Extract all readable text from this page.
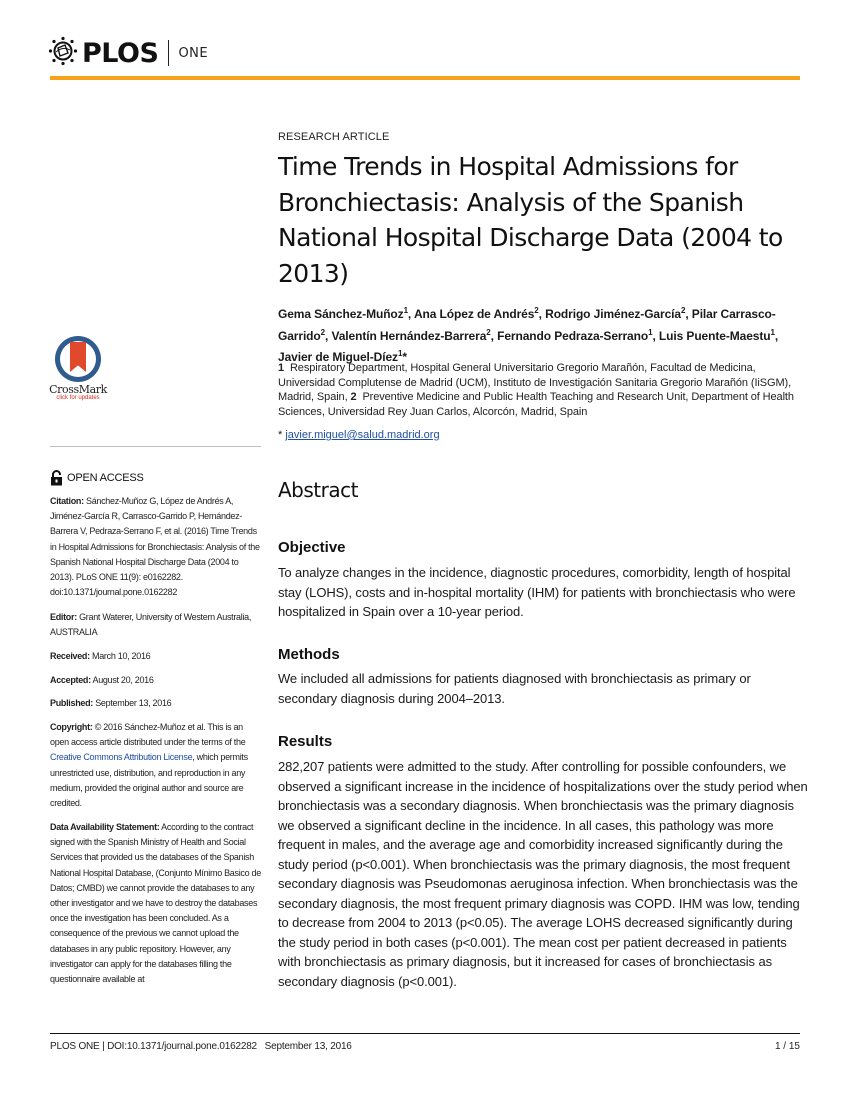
PLOS ONE
CrossMark
click for updates
OPEN ACCESS

Citation: Sánchez-Muñoz G, López de Andrés A, Jiménez-García R, Carrasco-Garrido P, Hernández-Barrera V, Pedraza-Serrano F, et al. (2016) Time Trends in Hospital Admissions for Bronchiectasis: Analysis of the Spanish National Hospital Discharge Data (2004 to 2013). PLoS ONE 11(9): e0162282. doi:10.1371/journal.pone.0162282

Editor: Grant Waterer, University of Western Australia, AUSTRALIA

Received: March 10, 2016

Accepted: August 20, 2016

Published: September 13, 2016

Copyright: © 2016 Sánchez-Muñoz et al. This is an open access article distributed under the terms of the Creative Commons Attribution License, which permits unrestricted use, distribution, and reproduction in any medium, provided the original author and source are credited.

Data Availability Statement: According to the contract signed with the Spanish Ministry of Health and Social Services that provided us the databases of the Spanish National Hospital Database, (Conjunto Mínimo Basico de Datos; CMBD) we cannot provide the databases to any other investigator and we have to destroy the databases once the investigation has been concluded. As a consequence of the previous we cannot upload the databases in any public repository. However, any investigator can apply for the databases filling the questionnaire available at

RESEARCH ARTICLE
Time Trends in Hospital Admissions for Bronchiectasis: Analysis of the Spanish National Hospital Discharge Data (2004 to 2013)
Gema Sánchez-Muñoz$^1$, Ana López de Andrés$^2$, Rodrigo Jiménez-García$^2$, Pilar Carrasco-Garrido$^2$, Valentín Hernández-Barrera$^2$, Fernando Pedraza-Serrano$^1$, Luis Puente-Maestu$^1$, Javier de Miguel-Díez$^1$*
1 Respiratory Department, Hospital General Universitario Gregorio Marañón, Facultad de Medicina, Universidad Complutense de Madrid (UCM), Instituto de Investigación Sanitaria Gregorio Marañón (IiSGM), Madrid, Spain, 2 Preventive Medicine and Public Health Teaching and Research Unit, Department of Health Sciences, Universidad Rey Juan Carlos, Alcorcón, Madrid, Spain
* javier.miguel@salud.madrid.org
Abstract
Objective

To analyze changes in the incidence, diagnostic procedures, comorbidity, length of hospital stay (LOHS), costs and in-hospital mortality (IHM) for patients with bronchiectasis who were hospitalized in Spain over a 10-year period.

Methods

We included all admissions for patients diagnosed with bronchiectasis as primary or secondary diagnosis during 2004–2013.

Results

282,207 patients were admitted to the study. After controlling for possible confounders, we observed a significant increase in the incidence of hospitalizations over the study period when bronchiectasis was a secondary diagnosis. When bronchiectasis was the primary diagnosis we observed a significant decline in the incidence. In all cases, this pathology was more frequent in males, and the average age and comorbidity increased significantly during the study period (p<0.001). When bronchiectasis was the primary diagnosis, the most frequent secondary diagnosis was Pseudomonas aeruginosa infection. When bronchiectasis was the secondary diagnosis, the most frequent primary diagnosis was COPD. IHM was low, tending to decrease from 2004 to 2013 (p<0.05). The average LOHS decreased significantly during the study period in both cases (p<0.001). The mean cost per patient decreased in patients with bronchiectasis as primary diagnosis, but it increased for cases of bronchiectasis as secondary diagnosis (p<0.001).

PLOS ONE | DOI:10.1371/journal.pone.0162282   September 13, 2016	1 / 15
